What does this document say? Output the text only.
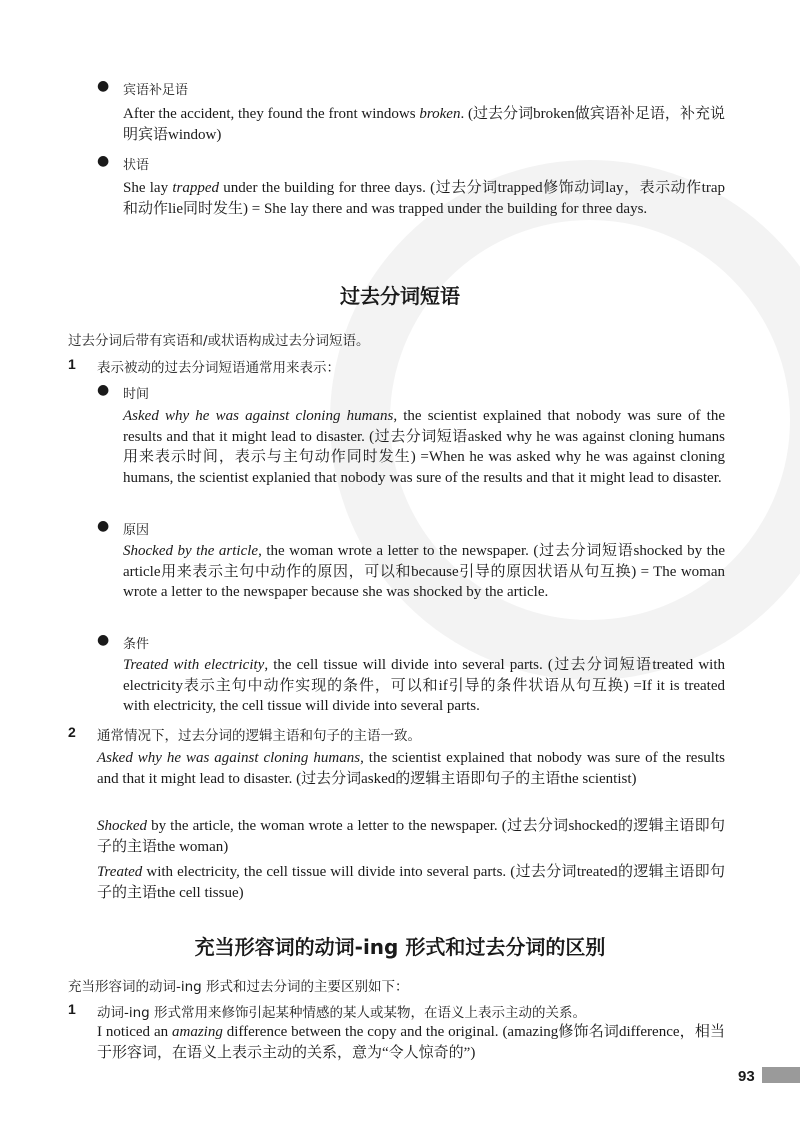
● 宾语补足语
After the accident, they found the front windows broken. (过去分词broken做宾语补足语，补充说明宾语window)
● 状语
She lay trapped under the building for three days. (过去分词trapped修饰动词lay，表示动作trap和动作lie同时发生) = She lay there and was trapped under the building for three days.
过去分词短语
过去分词后带有宾语和/或状语构成过去分词短语。
1 表示被动的过去分词短语通常用来表示：
● 时间
Asked why he was against cloning humans, the scientist explained that nobody was sure of the results and that it might lead to disaster. (过去分词短语asked why he was against cloning humans用来表示时间，表示与主句动作同时发生) =When he was asked why he was against cloning humans, the scientist explanied that nobody was sure of the results and that it might lead to disaster.
● 原因
Shocked by the article, the woman wrote a letter to the newspaper. (过去分词短语shocked by the article用来表示主句中动作的原因，可以和because引导的原因状语从句互换) = The woman wrote a letter to the newspaper because she was shocked by the article.
● 条件
Treated with electricity, the cell tissue will divide into several parts. (过去分词短语treated with electricity表示主句中动作实现的条件，可以和if引导的条件状语从句互换) =If it is treated with electricity, the cell tissue will divide into several parts.
2 通常情况下，过去分词的逻辑主语和句子的主语一致。
Asked why he was against cloning humans, the scientist explained that nobody was sure of the results and that it might lead to disaster. (过去分词asked的逻辑主语即句子的主语the scientist)
Shocked by the article, the woman wrote a letter to the newspaper. (过去分词shocked的逻辑主语即句子的主语the woman)
Treated with electricity, the cell tissue will divide into several parts. (过去分词treated的逻辑主语即句子的主语the cell tissue)
充当形容词的动词-ing 形式和过去分词的区别
充当形容词的动词-ing 形式和过去分词的主要区别如下：
1 动词-ing 形式常用来修饰引起某种情感的某人或某物，在语义上表示主动的关系。
I noticed an amazing difference between the copy and the original. (amazing修饰名词difference，相当于形容词，在语义上表示主动的关系，意为“令人惊奇的”)
93
